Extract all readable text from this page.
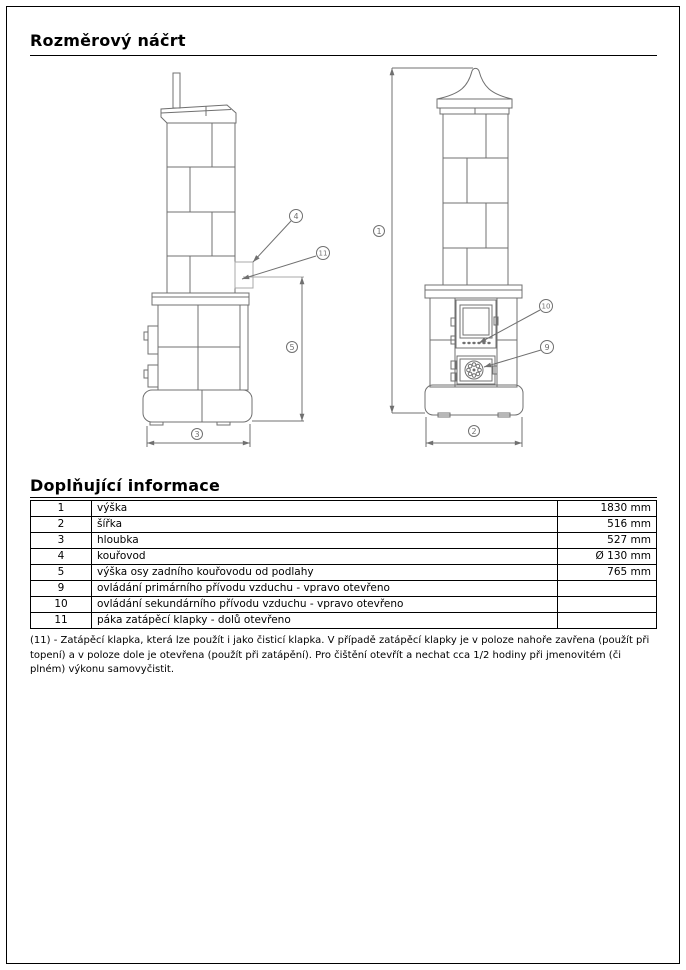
Rozměrový náčrt
3
5
4
11
1
2
10
9
Doplňující informace
1	výška	1830 mm
2	šířka	516 mm
3	hloubka	527 mm
4	kouřovod	Ø 130 mm
5	výška osy zadního kouřovodu od podlahy	765 mm
9	ovládání primárního přívodu vzduchu - vpravo otevřeno	
10	ovládání sekundárního přívodu vzduchu - vpravo otevřeno	
11	páka zatápěcí klapky - dolů otevřeno	

(11) - Zatápěcí klapka, která lze použít i jako čisticí klapka. V případě zatápěcí klapky je v poloze nahoře zavřena (použít při topení) a v poloze dole je otevřena (použít při zatápění). Pro čištění otevřít a nechat cca 1/2 hodiny při jmenovitém (či plném) výkonu samovyčistit.
